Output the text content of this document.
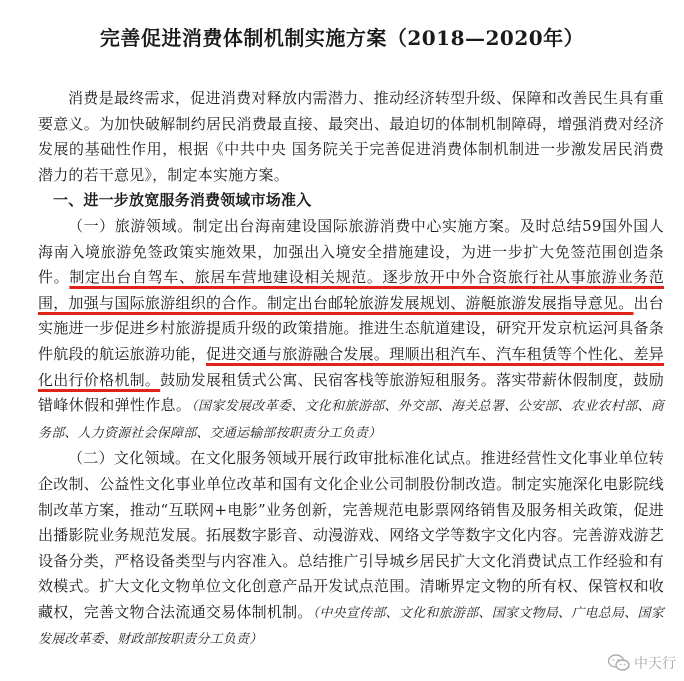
完善促进消费体制机制实施方案（2018—2020年）

消费是最终需求，促进消费对释放内需潜力、推动经济转型升级、保障和改善民生具有重要意义。为加快破解制约居民消费最直接、最突出、最迫切的体制机制障碍，增强消费对经济发展的基础性作用，根据《中共中央 国务院关于完善促进消费体制机制进一步激发居民消费潜力的若干意见》，制定本实施方案。

一、进一步放宽服务消费领域市场准入

（一）旅游领域。制定出台海南建设国际旅游消费中心实施方案。及时总结59国外国人海南入境旅游免签政策实施效果，加强出入境安全措施建设，为进一步扩大免签范围创造条件。制定出台自驾车、旅居车营地建设相关规范。逐步放开中外合资旅行社从事旅游业务范围，加强与国际旅游组织的合作。制定出台邮轮旅游发展规划、游艇旅游发展指导意见。出台实施进一步促进乡村旅游提质升级的政策措施。推进生态航道建设，研究开发京杭运河具备条件航段的航运旅游功能，促进交通与旅游融合发展。理顺出租汽车、汽车租赁等个性化、差异化出行价格机制。鼓励发展租赁式公寓、民宿客栈等旅游短租服务。落实带薪休假制度，鼓励错峰休假和弹性作息。（国家发展改革委、文化和旅游部、外交部、海关总署、公安部、农业农村部、商务部、人力资源社会保障部、交通运输部按职责分工负责）

（二）文化领域。在文化服务领域开展行政审批标准化试点。推进经营性文化事业单位转企改制、公益性文化事业单位改革和国有文化企业公司制股份制改造。制定实施深化电影院线制改革方案，推动“互联网+电影”业务创新，完善规范电影票网络销售及服务相关政策，促进出播影院业务规范发展。拓展数字影音、动漫游戏、网络文学等数字文化内容。完善游戏游艺设备分类，严格设备类型与内容准入。总结推广引导城乡居民扩大文化消费试点工作经验和有效模式。扩大文化文物单位文化创意产品开发试点范围。清晰界定文物的所有权、保管权和收藏权，完善文物合法流通交易体制机制。（中央宣传部、文化和旅游部、国家文物局、广电总局、国家发展改革委、财政部按职责分工负责）

中天行
